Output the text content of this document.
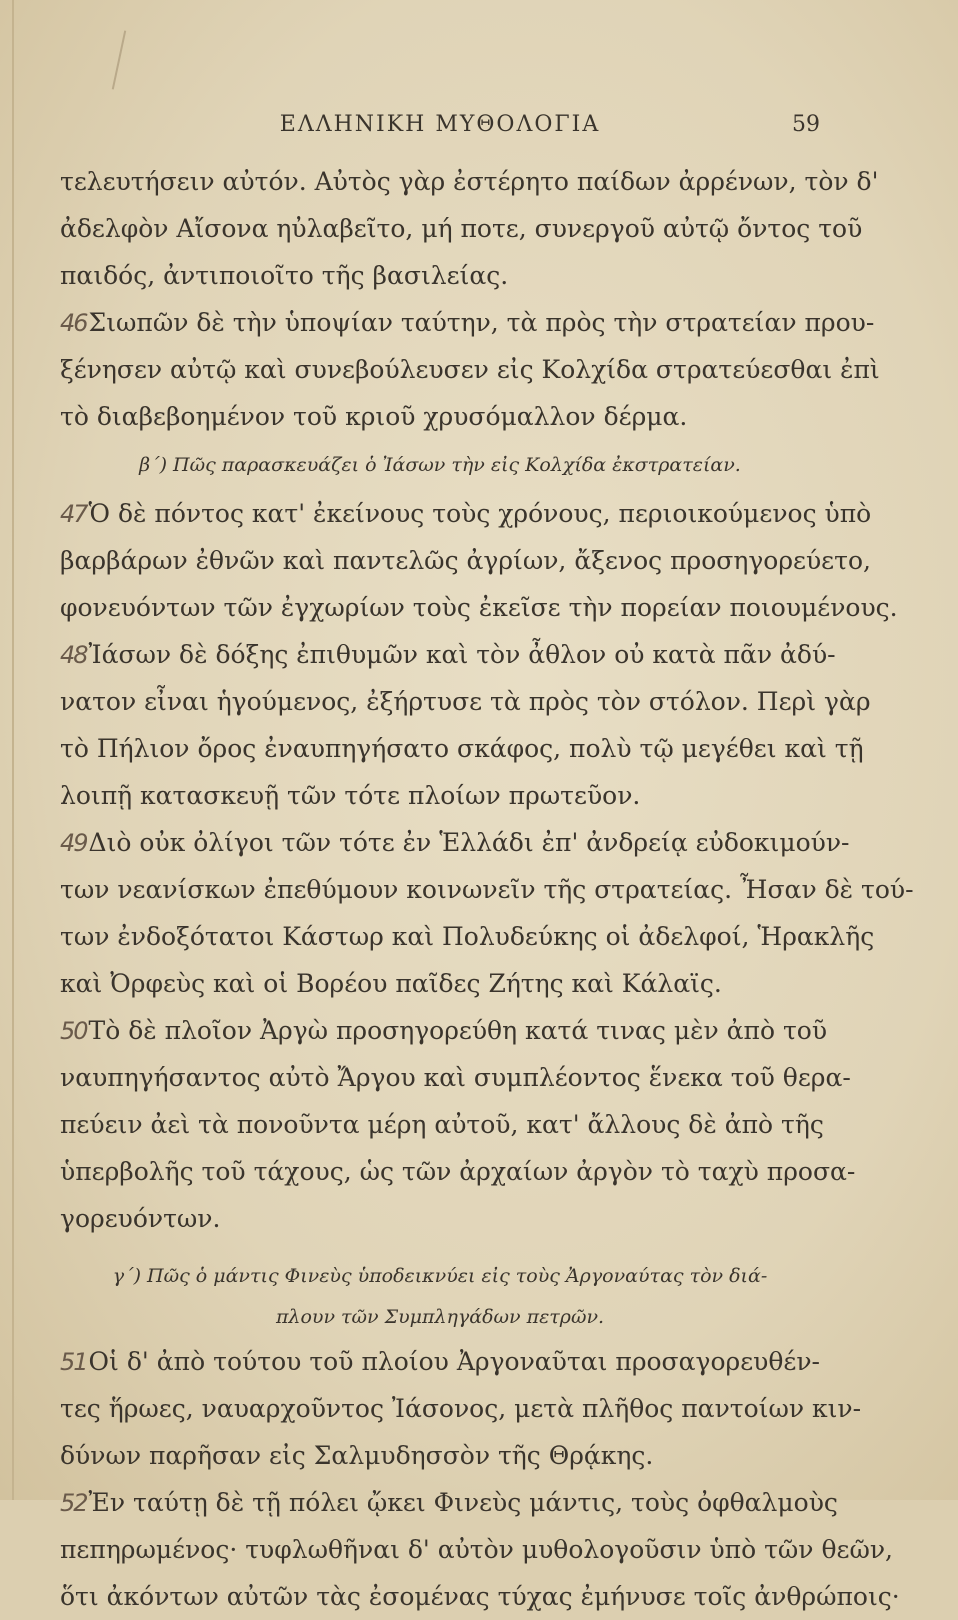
ΕΛΛΗΝΙΚΗ ΜΥΘΟΛΟΓΙΑ	59
τελευτήσειν αὐτόν. Αὐτὸς γὰρ ἐστέρητο παίδων ἀρρένων, τὸν δ'
ἀδελφὸν Αἴσονα ηὐλαβεῖτο, μή ποτε, συνεργοῦ αὐτῷ ὄντος τοῦ
παιδός, ἀντιποιοῖτο τῆς βασιλείας.
46Σιωπῶν δὲ τὴν ὑποψίαν ταύτην, τὰ πρὸς τὴν στρατείαν πρου-
ξένησεν αὐτῷ καὶ συνεβούλευσεν εἰς Κολχίδα στρατεύεσθαι ἐπὶ
τὸ διαβεβοημένον τοῦ κριοῦ χρυσόμαλλον δέρμα.
β΄) Πῶς παρασκευάζει ὁ Ἰάσων τὴν εἰς Κολχίδα ἐκστρατείαν.
47Ὁ δὲ πόντος κατ' ἐκείνους τοὺς χρόνους, περιοικούμενος ὑπὸ
βαρβάρων ἐθνῶν καὶ παντελῶς ἀγρίων, ἄξενος προσηγορεύετο,
φονευόντων τῶν ἐγχωρίων τοὺς ἐκεῖσε τὴν πορείαν ποιουμένους.
48Ἰάσων δὲ δόξης ἐπιθυμῶν καὶ τὸν ἆθλον οὐ κατὰ πᾶν ἀδύ-
νατον εἶναι ἡγούμενος, ἐξήρτυσε τὰ πρὸς τὸν στόλον. Περὶ γὰρ
τὸ Πήλιον ὄρος ἐναυπηγήσατο σκάφος, πολὺ τῷ μεγέθει καὶ τῇ
λοιπῇ κατασκευῇ τῶν τότε πλοίων πρωτεῦον.
49Διὸ οὐκ ὀλίγοι τῶν τότε ἐν Ἑλλάδι ἐπ' ἀνδρείᾳ εὐδοκιμούν-
των νεανίσκων ἐπεθύμουν κοινωνεῖν τῆς στρατείας. Ἦσαν δὲ τού-
των ἐνδοξότατοι Κάστωρ καὶ Πολυδεύκης οἱ ἀδελφοί, Ἡρακλῆς
καὶ Ὀρφεὺς καὶ οἱ Βορέου παῖδες Ζήτης καὶ Κάλαϊς.
50Τὸ δὲ πλοῖον Ἀργὼ προσηγορεύθη κατά τινας μὲν ἀπὸ τοῦ
ναυπηγήσαντος αὐτὸ Ἄργου καὶ συμπλέοντος ἕνεκα τοῦ θερα-
πεύειν ἀεὶ τὰ πονοῦντα μέρη αὐτοῦ, κατ' ἄλλους δὲ ἀπὸ τῆς
ὑπερβολῆς τοῦ τάχους, ὡς τῶν ἀρχαίων ἀργὸν τὸ ταχὺ προσα-
γορευόντων.
γ΄) Πῶς ὁ μάντις Φινεὺς ὑποδεικνύει εἰς τοὺς Ἀργοναύτας τὸν διά-
πλουν τῶν Συμπληγάδων πετρῶν.
51Οἱ δ' ἀπὸ τούτου τοῦ πλοίου Ἀργοναῦται προσαγορευθέν-
τες ἥρωες, ναυαρχοῦντος Ἰάσονος, μετὰ πλῆθος παντοίων κιν-
δύνων παρῆσαν εἰς Σαλμυδησσὸν τῆς Θρᾴκης.
52Ἐν ταύτῃ δὲ τῇ πόλει ᾤκει Φινεὺς μάντις, τοὺς ὀφθαλμοὺς
πεπηρωμένος· τυφλωθῆναι δ' αὐτὸν μυθολογοῦσιν ὑπὸ τῶν θεῶν,
ὅτι ἀκόντων αὐτῶν τὰς ἐσομένας τύχας ἐμήνυσε τοῖς ἀνθρώποις·
